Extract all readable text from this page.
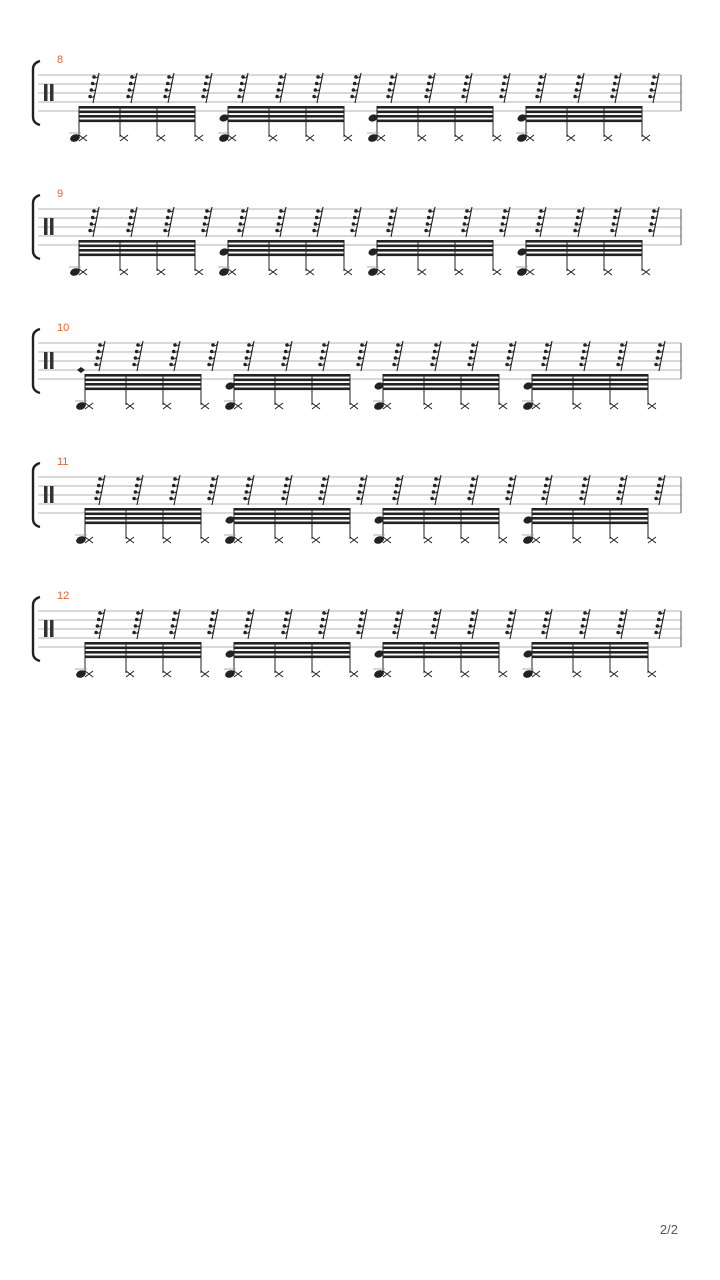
8
9
10
11
12
2/2
